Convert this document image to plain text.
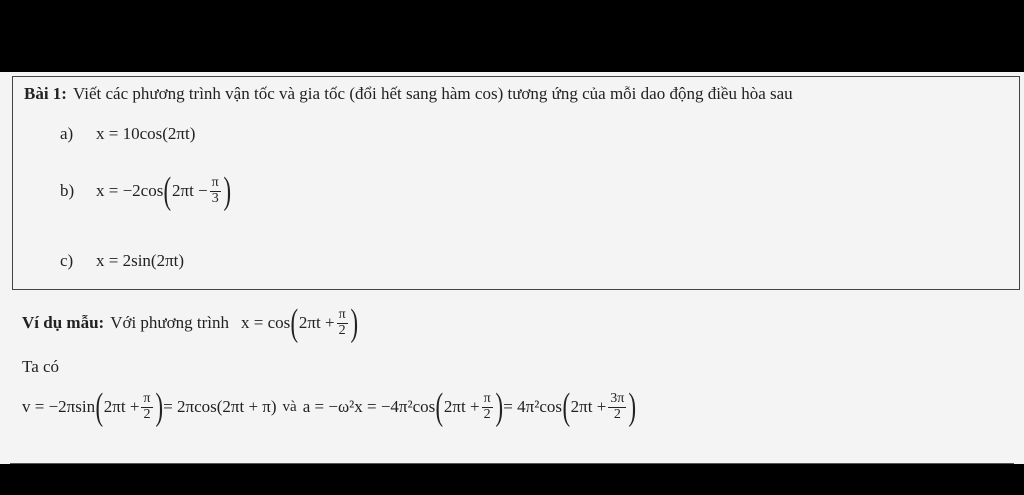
Bài 1: Viết các phương trình vận tốc và gia tốc (đổi hết sang hàm cos) tương ứng của mỗi dao động điều hòa sau
a)	x = 10cos(2πt)
b)	x = −2cos ( $2\pi t - \frac{\pi}{3}$ )
c)	x = 2sin(2πt)
Ví dụ mẫu: Với phương trình x = cos ( $2\pi t + \frac{\pi}{2}$ )
Ta có
v = −2πsin ( $2\pi t + \frac{\pi}{2}$ ) = 2πcos(2πt + π) và a = −ω²x = −4π²cos ( $2\pi t + \frac{\pi}{2}$ ) = 4π²cos ( $2\pi t + \frac{3\pi}{2}$ )
